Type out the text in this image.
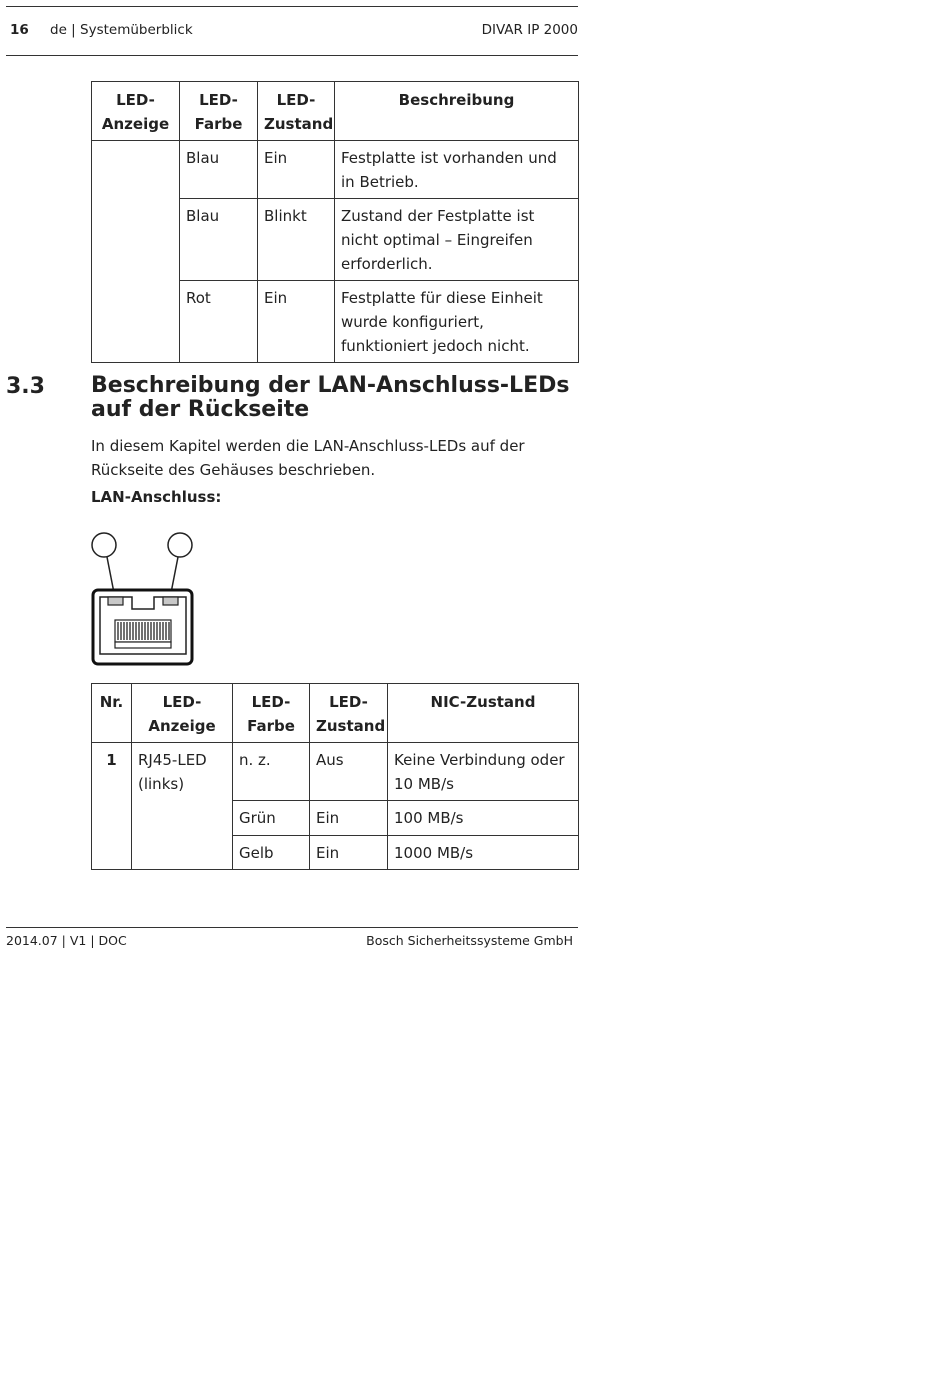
16 de | Systemüberblick	DIVAR IP 2000
LED-Anzeige	LED-Farbe	LED-Zustand	Beschreibung
	Blau	Ein	Festplatte ist vorhanden und in Betrieb.
	Blau	Blinkt	Zustand der Festplatte ist nicht optimal – Eingreifen erforderlich.
	Rot	Ein	Festplatte für diese Einheit wurde konfiguriert, funktioniert jedoch nicht.
3.3 Beschreibung der LAN-Anschluss-LEDs auf der Rückseite
In diesem Kapitel werden die LAN-Anschluss-LEDs auf der Rückseite des Gehäuses beschrieben.
LAN-Anschluss:
Nr.	LED-Anzeige	LED-Farbe	LED-Zustand	NIC-Zustand
1	RJ45-LED (links)	n. z.	Aus	Keine Verbindung oder 10 MB/s
		Grün	Ein	100 MB/s
		Gelb	Ein	1000 MB/s
2014.07 | V1 | DOC	Bosch Sicherheitssysteme GmbH
